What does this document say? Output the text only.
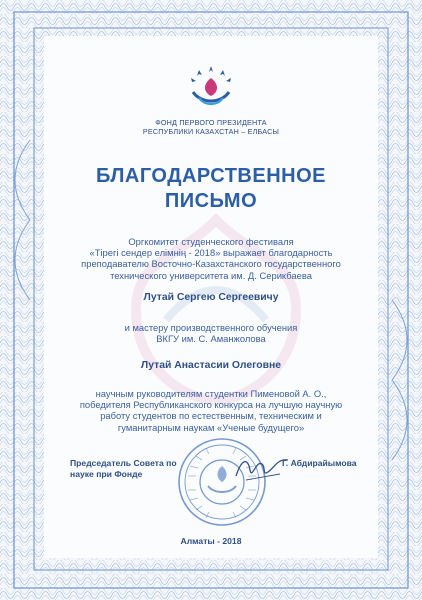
ФОНД ПЕРВОГО ПРЕЗИДЕНТА
РЕСПУБЛИКИ КАЗАХСТАН – ЕЛБАСЫ
БЛАГОДАРСТВЕННОЕ
ПИСЬМО
Оргкомитет студенческого фестиваля
«Тірегі сендер елімнің - 2018» выражает благодарность
преподавателю Восточно-Казахстанского государственного
технического университета им. Д. Серикбаева
Лутай Сергею Сергеевичу
и мастеру производственного обучения
ВКГУ им. С. Аманжолова
Лутай Анастасии Олеговне
научным руководителям студентки Пименовой А. О.,
победителя Республиканского конкурса на лучшую научную
работу студентов по естественным, техническим и
гуманитарным наукам «Ученые будущего»
Председатель Совета по
науке при Фонде
Г. Абдирайымова
Алматы - 2018
